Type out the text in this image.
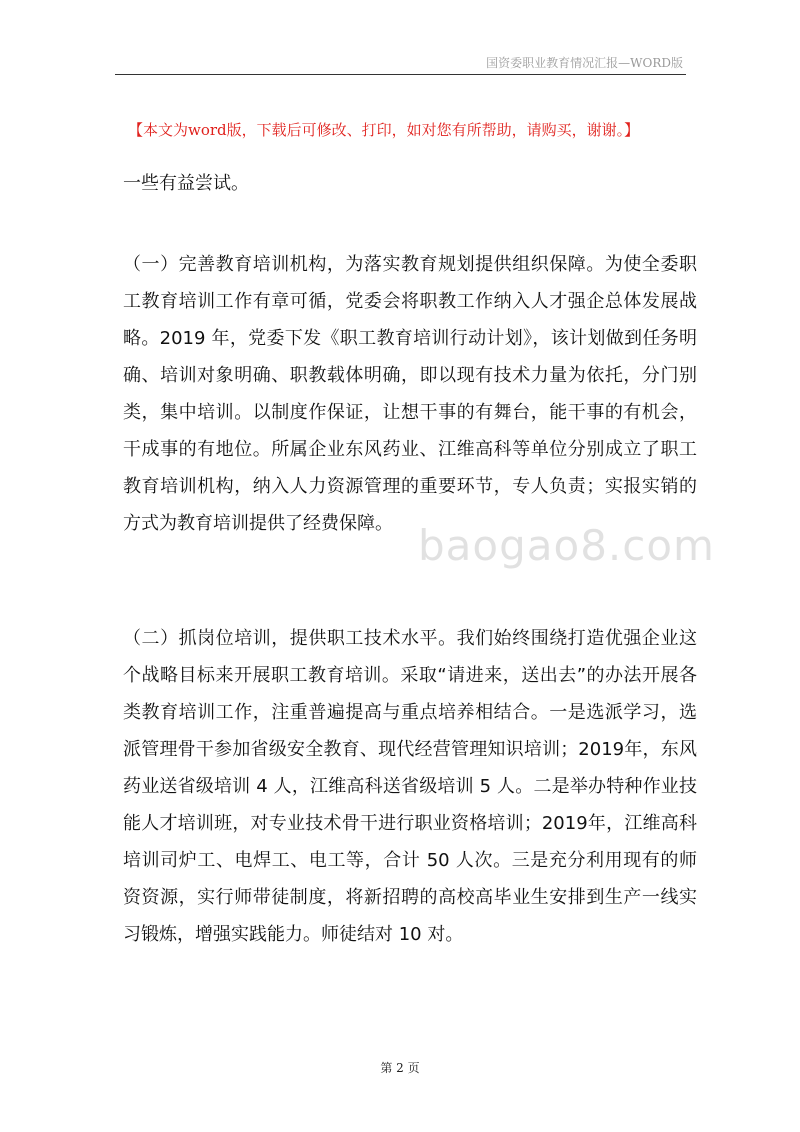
国资委职业教育情况汇报—WORD版
【本文为word版，下载后可修改、打印，如对您有所帮助，请购买，谢谢。】
一些有益尝试。
（一）完善教育培训机构，为落实教育规划提供组织保障。为使全委职工教育培训工作有章可循，党委会将职教工作纳入人才强企总体发展战略。2019 年，党委下发《职工教育培训行动计划》，该计划做到任务明确、培训对象明确、职教载体明确，即以现有技术力量为依托，分门别类，集中培训。以制度作保证，让想干事的有舞台，能干事的有机会，干成事的有地位。所属企业东风药业、江维高科等单位分别成立了职工教育培训机构，纳入人力资源管理的重要环节，专人负责；实报实销的方式为教育培训提供了经费保障。 baogao8.com
（二）抓岗位培训，提供职工技术水平。我们始终围绕打造优强企业这个战略目标来开展职工教育培训。采取“请进来，送出去”的办法开展各类教育培训工作，注重普遍提高与重点培养相结合。一是选派学习，选派管理骨干参加省级安全教育、现代经营管理知识培训；2019年，东风药业送省级培训 4 人，江维高科送省级培训 5 人。二是举办特种作业技能人才培训班，对专业技术骨干进行职业资格培训；2019年，江维高科培训司炉工、电焊工、电工等，合计 50 人次。三是充分利用现有的师资资源，实行师带徒制度，将新招聘的高校高毕业生安排到生产一线实习锻炼，增强实践能力。师徒结对 10 对。
第 2 页
